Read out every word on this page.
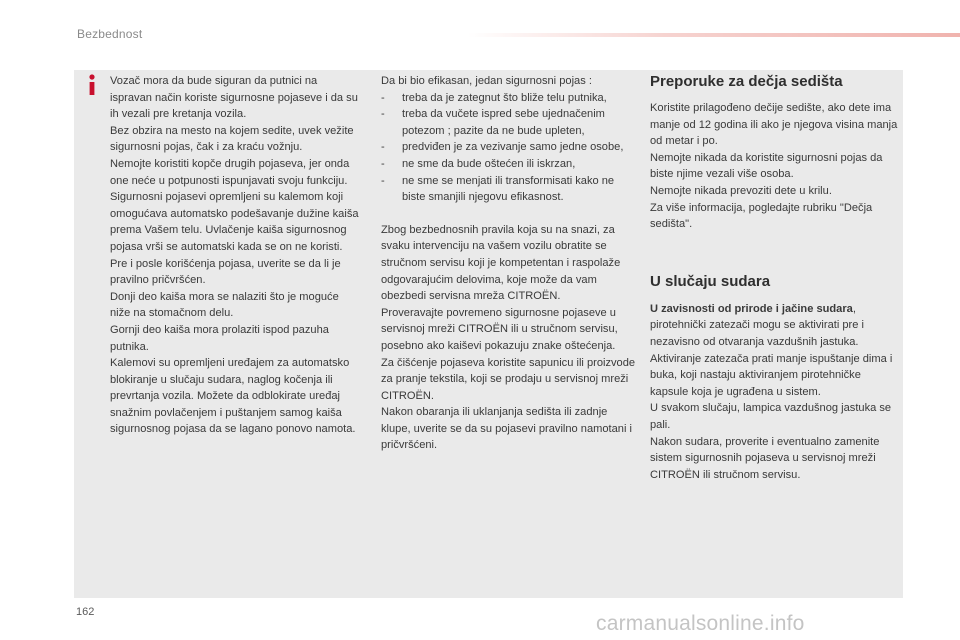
Bezbednost

Vozač mora da bude siguran da putnici na ispravan način koriste sigurnosne pojaseve i da su ih vezali pre kretanja vozila.

Bez obzira na mesto na kojem sedite, uvek vežite sigurnosni pojas, čak i za kraću vožnju.

Nemojte koristiti kopče drugih pojaseva, jer onda one neće u potpunosti ispunjavati svoju funkciju.

Sigurnosni pojasevi opremljeni su kalemom koji omogućava automatsko podešavanje dužine kaiša prema Vašem telu. Uvlačenje kaiša sigurnosnog pojasa vrši se automatski kada se on ne koristi.

Pre i posle korišćenja pojasa, uverite se da li je pravilno pričvršćen.

Donji deo kaiša mora se nalaziti što je moguće niže na stomačnom delu.

Gornji deo kaiša mora prolaziti ispod pazuha putnika.

Kalemovi su opremljeni uređajem za automatsko blokiranje u slučaju sudara, naglog kočenja ili prevrtanja vozila. Možete da odblokirate uređaj snažnim povlačenjem i puštanjem samog kaiša sigurnosnog pojasa da se lagano ponovo namota.

Da bi bio efikasan, jedan sigurnosni pojas :

- treba da je zategnut što bliže telu putnika,
- treba da vučete ispred sebe ujednačenim potezom ; pazite da ne bude upleten,
- predviđen je za vezivanje samo jedne osobe,
- ne sme da bude oštećen ili iskrzan,
- ne sme se menjati ili transformisati kako ne biste smanjili njegovu efikasnost.

Zbog bezbednosnih pravila koja su na snazi, za svaku intervenciju na vašem vozilu obratite se stručnom servisu koji je kompetentan i raspolaže odgovarajućim delovima, koje može da vam obezbedi servisna mreža CITROËN.

Proveravajte povremeno sigurnosne pojaseve u servisnoj mreži CITROËN ili u stručnom servisu, posebno ako kaiševi pokazuju znake oštećenja.

Za čišćenje pojaseva koristite sapunicu ili proizvode za pranje tekstila, koji se prodaju u servisnoj mreži CITROËN.

Nakon obaranja ili uklanjanja sedišta ili zadnje klupe, uverite se da su pojasevi pravilno namotani i pričvršćeni.

Preporuke za dečja sedišta

Koristite prilagođeno dečije sedište, ako dete ima manje od 12 godina ili ako je njegova visina manja od metar i po.

Nemojte nikada da koristite sigurnosni pojas da biste njime vezali više osoba.

Nemojte nikada prevoziti dete u krilu.

Za više informacija, pogledajte rubriku "Dečja sedišta".

U slučaju sudara

U zavisnosti od prirode i jačine sudara, pirotehnički zatezači mogu se aktivirati pre i nezavisno od otvaranja vazdušnih jastuka.

Aktiviranje zatezača prati manje ispuštanje dima i buka, koji nastaju aktiviranjem pirotehničke kapsule koja je ugrađena u sistem.

U svakom slučaju, lampica vazdušnog jastuka se pali.

Nakon sudara, proverite i eventualno zamenite sistem sigurnosnih pojaseva u servisnoj mreži CITROËN ili stručnom servisu.

162	carmanualsonline.info
